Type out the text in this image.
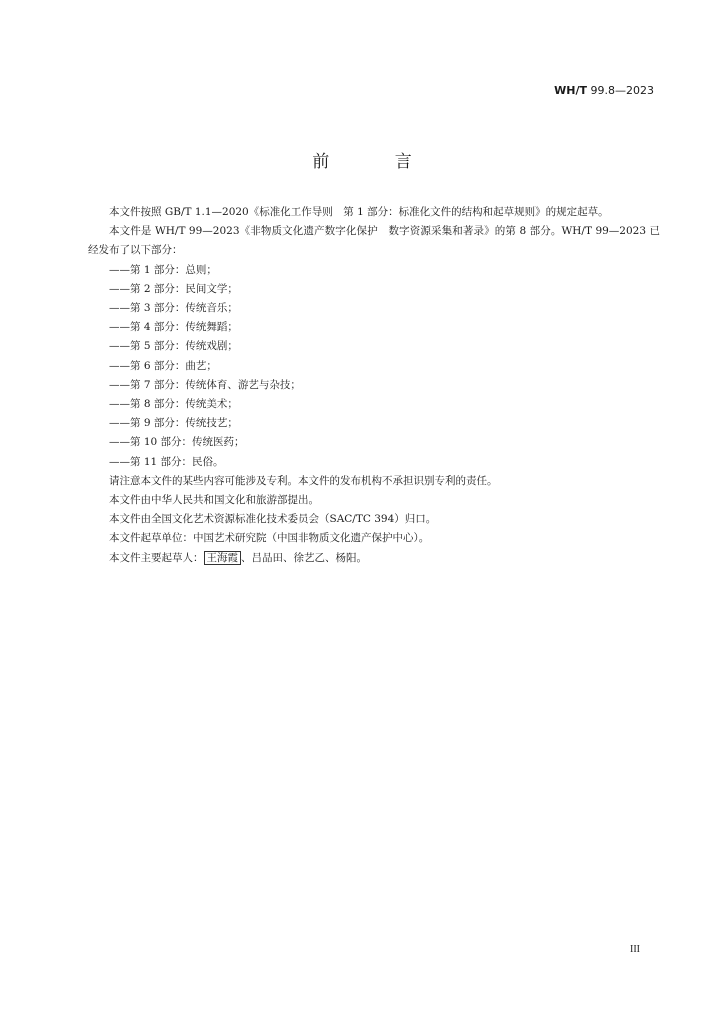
WH/T 99.8—2023
前 言

本文件按照 GB/T 1.1—2020《标准化工作导则　第 1 部分：标准化文件的结构和起草规则》的规定起草。

本文件是 WH/T 99—2023《非物质文化遗产数字化保护　数字资源采集和著录》的第 8 部分。WH/T 99—2023 已经发布了以下部分：

——第 1 部分：总则；

——第 2 部分：民间文学；

——第 3 部分：传统音乐；

——第 4 部分：传统舞蹈；

——第 5 部分：传统戏剧；

——第 6 部分：曲艺；

——第 7 部分：传统体育、游艺与杂技；

——第 8 部分：传统美术；

——第 9 部分：传统技艺；

——第 10 部分：传统医药；

——第 11 部分：民俗。

请注意本文件的某些内容可能涉及专利。本文件的发布机构不承担识别专利的责任。

本文件由中华人民共和国文化和旅游部提出。

本文件由全国文化艺术资源标准化技术委员会（SAC/TC 394）归口。

本文件起草单位：中国艺术研究院（中国非物质文化遗产保护中心）。

本文件主要起草人： 王海霞 、吕品田、徐艺乙、杨阳。

III
